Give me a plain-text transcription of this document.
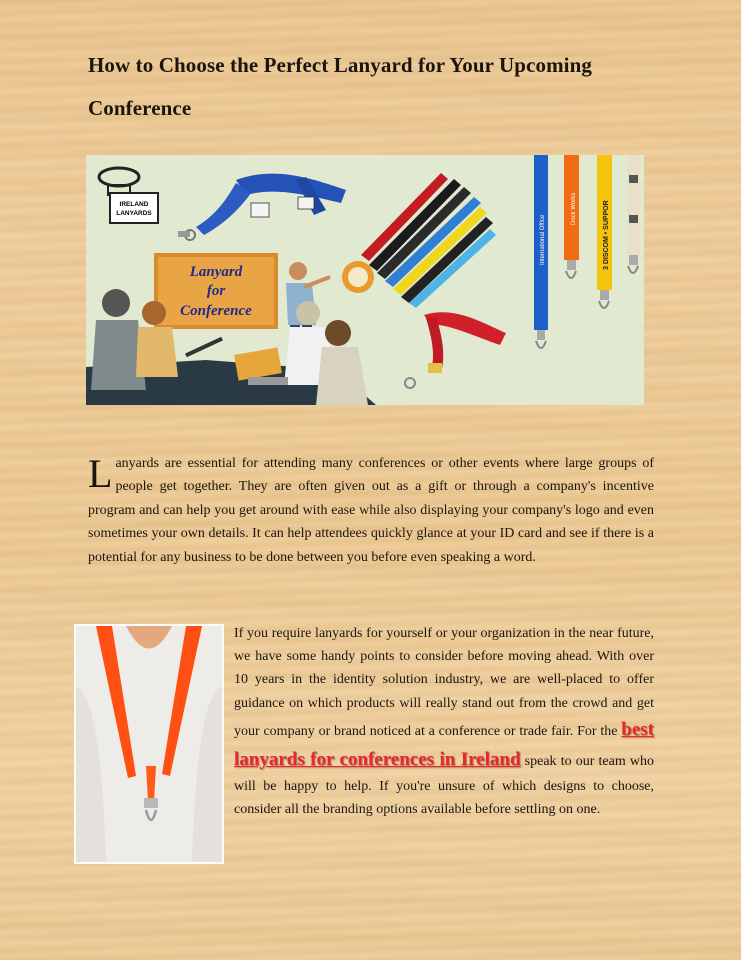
How to Choose the Perfect Lanyard for Your Upcoming Conference
IRELAND
LANYARDS
International Office
Dock Works	3 DISCOM • SUPPOR
Lanyard
for
Conference

Lanyards are essential for attending many conferences or other events where large groups of people get together. They are often given out as a gift or through a company's incentive program and can help you get around with ease while also displaying your company's logo and even sometimes your own details. It can help attendees quickly glance at your ID card and see if there is a potential for any business to be done between you before even speaking a word.

If you require lanyards for yourself or your organization in the near future, we have some handy points to consider before moving ahead. With over 10 years in the identity solution industry, we are well-placed to offer guidance on which products will really stand out from the crowd and get your company or brand noticed at a conference or trade fair. For the best lanyards for conferences in Ireland speak to our team who will be happy to help. If you're unsure of which designs to choose, consider all the branding options available before settling on one.
